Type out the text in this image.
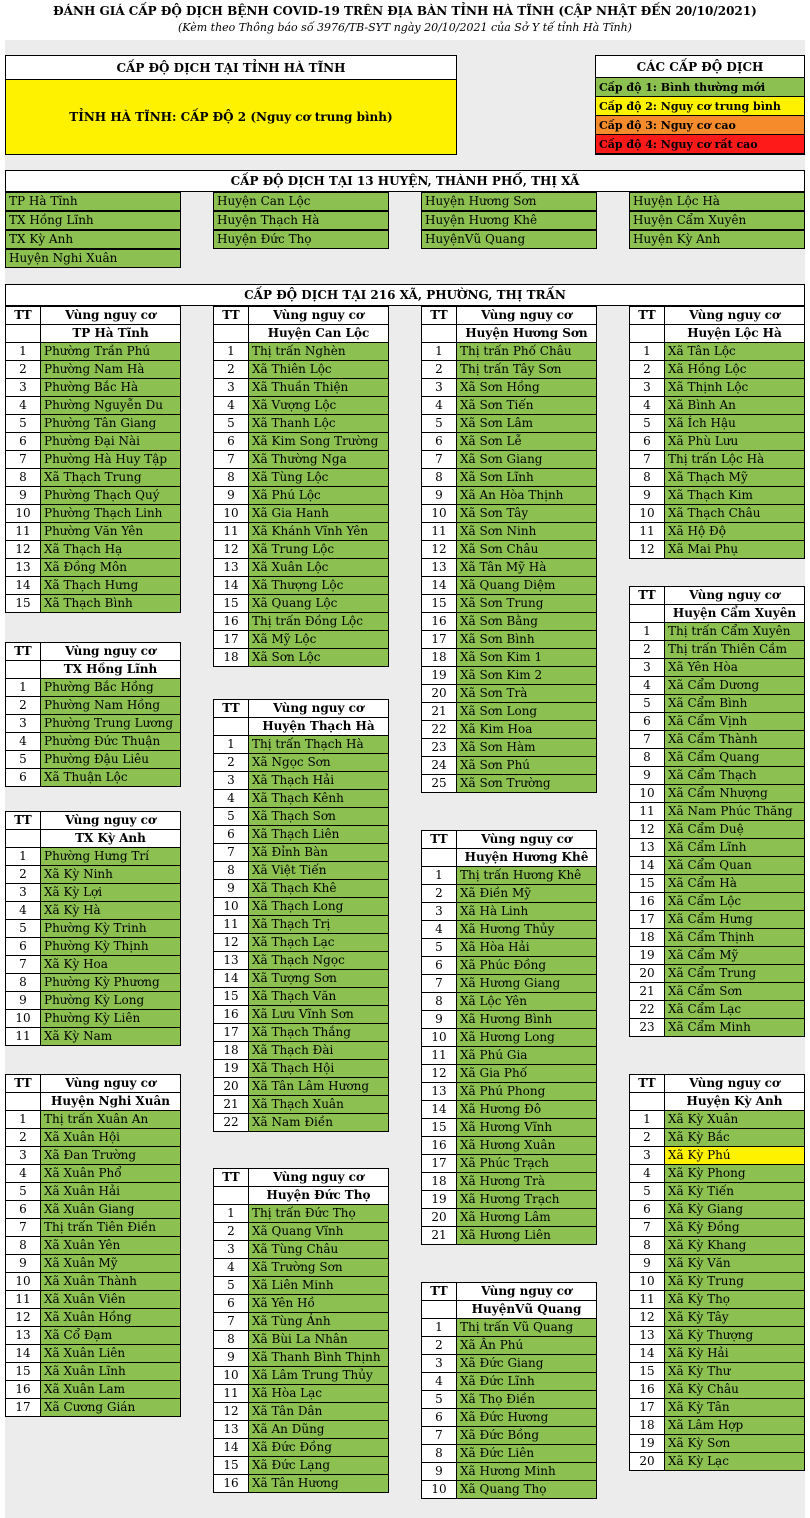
ĐÁNH GIÁ CẤP ĐỘ DỊCH BỆNH COVID-19 TRÊN ĐỊA BÀN TỈNH HÀ TĨNH (CẬP NHẬT ĐẾN 20/10/2021)
(Kèm theo Thông báo số 3976/TB-SYT ngày 20/10/2021 của Sở Y tế tỉnh Hà Tĩnh)
CẤP ĐỘ DỊCH TẠI TỈNH HÀ TĨNH
TỈNH HÀ TĨNH: CẤP ĐỘ 2 (Nguy cơ trung bình)
CÁC CẤP ĐỘ DỊCH
Cấp độ 1: Bình thường mới
Cấp độ 2: Nguy cơ trung bình
Cấp độ 3: Nguy cơ cao
Cấp độ 4: Nguy cơ rất cao
CẤP ĐỘ DỊCH TẠI 13 HUYỆN, THÀNH PHỐ, THỊ XÃ
CẤP ĐỘ DỊCH TẠI 216 XÃ, PHƯỜNG, THỊ TRẤN
TP Hà Tĩnh
TX Hồng Lĩnh
TX Kỳ Anh
Huyện Nghi Xuân
Huyện Can Lộc
Huyện Thạch Hà
Huyện Đức Thọ
Huyện Hương Sơn
Huyện Hương Khê
HuyệnVũ Quang
Huyện Lộc Hà
Huyện Cẩm Xuyên
Huyện Kỳ Anh
TT	Vùng nguy cơ
TP Hà Tĩnh
1	Phường Trần Phú
2	Phường Nam Hà
3	Phường Bắc Hà
4	Phường Nguyễn Du
5	Phường Tân Giang
6	Phường Đại Nài
7	Phường Hà Huy Tập
8	Xã Thạch Trung
9	Phường Thạch Quý
10	Phường Thạch Linh
11	Phường Văn Yên
12	Xã Thạch Hạ
13	Xã Đồng Môn
14	Xã Thạch Hưng
15	Xã Thạch Bình
TT	Vùng nguy cơ
TX Hồng Lĩnh
1	Phường Bắc Hồng
2	Phường Nam Hồng
3	Phường Trung Lương
4	Phường Đức Thuận
5	Phường Đậu Liêu
6	Xã Thuận Lộc
TT	Vùng nguy cơ
TX Kỳ Anh
1	Phường Hưng Trí
2	Xã Kỳ Ninh
3	Xã Kỳ Lợi
4	Xã Kỳ Hà
5	Phường Kỳ Trinh
6	Phường Kỳ Thịnh
7	Xã Kỳ Hoa
8	Phường Kỳ Phương
9	Phường Kỳ Long
10	Phường Kỳ Liên
11	Xã Kỳ Nam
TT	Vùng nguy cơ
Huyện Nghi Xuân
1	Thị trấn Xuân An
2	Xã Xuân Hội
3	Xã Đan Trường
4	Xã Xuân Phổ
5	Xã Xuân Hải
6	Xã Xuân Giang
7	Thị trấn Tiên Điền
8	Xã Xuân Yên
9	Xã Xuân Mỹ
10	Xã Xuân Thành
11	Xã Xuân Viên
12	Xã Xuân Hồng
13	Xã Cổ Đạm
14	Xã Xuân Liên
15	Xã Xuân Lĩnh
16	Xã Xuân Lam
17	Xã Cương Gián
TT	Vùng nguy cơ
Huyện Can Lộc
1	Thị trấn Nghèn
2	Xã Thiên Lộc
3	Xã Thuần Thiện
4	Xã Vượng Lộc
5	Xã Thanh Lộc
6	Xã Kim Song Trường
7	Xã Thường Nga
8	Xã Tùng Lộc
9	Xã Phú Lộc
10	Xã Gia Hanh
11	Xã Khánh Vĩnh Yên
12	Xã Trung Lộc
13	Xã Xuân Lộc
14	Xã Thượng Lộc
15	Xã Quang Lộc
16	Thị trấn Đồng Lộc
17	Xã Mỹ Lộc
18	Xã Sơn Lộc
TT	Vùng nguy cơ
Huyện Thạch Hà
1	Thị trấn Thạch Hà
2	Xã Ngọc Sơn
3	Xã Thạch Hải
4	Xã Thạch Kênh
5	Xã Thạch Sơn
6	Xã Thạch Liên
7	Xã Đỉnh Bàn
8	Xã Việt Tiến
9	Xã Thạch Khê
10	Xã Thạch Long
11	Xã Thạch Trị
12	Xã Thạch Lạc
13	Xã Thạch Ngọc
14	Xã Tượng Sơn
15	Xã Thạch Văn
16	Xã Lưu Vĩnh Sơn
17	Xã Thạch Thắng
18	Xã Thạch Đài
19	Xã Thạch Hội
20	Xã Tân Lâm Hương
21	Xã Thạch Xuân
22	Xã Nam Điền
TT	Vùng nguy cơ
Huyện Đức Thọ
1	Thị trấn Đức Thọ
2	Xã Quang Vĩnh
3	Xã Tùng Châu
4	Xã Trường Sơn
5	Xã Liên Minh
6	Xã Yên Hồ
7	Xã Tùng Ảnh
8	Xã Bùi La Nhân
9	Xã Thanh Bình Thịnh
10	Xã Lâm Trung Thủy
11	Xã Hòa Lạc
12	Xã Tân Dân
13	Xã An Dũng
14	Xã Đức Đồng
15	Xã Đức Lạng
16	Xã Tân Hương
TT	Vùng nguy cơ
Huyện Hương Sơn
1	Thị trấn Phố Châu
2	Thị trấn Tây Sơn
3	Xã Sơn Hồng
4	Xã Sơn Tiến
5	Xã Sơn Lâm
6	Xã Sơn Lễ
7	Xã Sơn Giang
8	Xã Sơn Lĩnh
9	Xã An Hòa Thịnh
10	Xã Sơn Tây
11	Xã Sơn Ninh
12	Xã Sơn Châu
13	Xã Tân Mỹ Hà
14	Xã Quang Diệm
15	Xã Sơn Trung
16	Xã Sơn Bằng
17	Xã Sơn Bình
18	Xã Sơn Kim 1
19	Xã Sơn Kim 2
20	Xã Sơn Trà
21	Xã Sơn Long
22	Xã Kim Hoa
23	Xã Sơn Hàm
24	Xã Sơn Phú
25	Xã Sơn Trường
TT	Vùng nguy cơ
Huyện Hương Khê
1	Thị trấn Hương Khê
2	Xã Điền Mỹ
3	Xã Hà Linh
4	Xã Hương Thủy
5	Xã Hòa Hải
6	Xã Phúc Đồng
7	Xã Hương Giang
8	Xã Lộc Yên
9	Xã Hương Bình
10	Xã Hương Long
11	Xã Phú Gia
12	Xã Gia Phố
13	Xã Phú Phong
14	Xã Hương Đô
15	Xã Hương Vĩnh
16	Xã Hương Xuân
17	Xã Phúc Trạch
18	Xã Hương Trà
19	Xã Hương Trạch
20	Xã Hương Lâm
21	Xã Hương Liên
TT	Vùng nguy cơ
HuyệnVũ Quang
1	Thị trấn Vũ Quang
2	Xã Ân Phú
3	Xã Đức Giang
4	Xã Đức Lĩnh
5	Xã Thọ Điền
6	Xã Đức Hương
7	Xã Đức Bồng
8	Xã Đức Liên
9	Xã Hương Minh
10	Xã Quang Thọ
TT	Vùng nguy cơ
Huyện Lộc Hà
1	Xã Tân Lộc
2	Xã Hồng Lộc
3	Xã Thịnh Lộc
4	Xã Bình An
5	Xã Ích Hậu
6	Xã Phù Lưu
7	Thị trấn Lộc Hà
8	Xã Thạch Mỹ
9	Xã Thạch Kim
10	Xã Thạch Châu
11	Xã Hộ Độ
12	Xã Mai Phụ
TT	Vùng nguy cơ
Huyện Cẩm Xuyên
1	Thị trấn Cẩm Xuyên
2	Thị trấn Thiên Cầm
3	Xã Yên Hòa
4	Xã Cẩm Dương
5	Xã Cẩm Bình
6	Xã Cẩm Vịnh
7	Xã Cẩm Thành
8	Xã Cẩm Quang
9	Xã Cẩm Thạch
10	Xã Cẩm Nhượng
11	Xã Nam Phúc Thăng
12	Xã Cẩm Duệ
13	Xã Cẩm Lĩnh
14	Xã Cẩm Quan
15	Xã Cẩm Hà
16	Xã Cẩm Lộc
17	Xã Cẩm Hưng
18	Xã Cẩm Thịnh
19	Xã Cẩm Mỹ
20	Xã Cẩm Trung
21	Xã Cẩm Sơn
22	Xã Cẩm Lạc
23	Xã Cẩm Minh
TT	Vùng nguy cơ
Huyện Kỳ Anh
1	Xã Kỳ Xuân
2	Xã Kỳ Bắc
3	Xã Kỳ Phú
4	Xã Kỳ Phong
5	Xã Kỳ Tiến
6	Xã Kỳ Giang
7	Xã Kỳ Đồng
8	Xã Kỳ Khang
9	Xã Kỳ Văn
10	Xã Kỳ Trung
11	Xã Kỳ Thọ
12	Xã Kỳ Tây
13	Xã Kỳ Thượng
14	Xã Kỳ Hải
15	Xã Kỳ Thư
16	Xã Kỳ Châu
17	Xã Kỳ Tân
18	Xã Lâm Hợp
19	Xã Kỳ Sơn
20	Xã Kỳ Lạc
